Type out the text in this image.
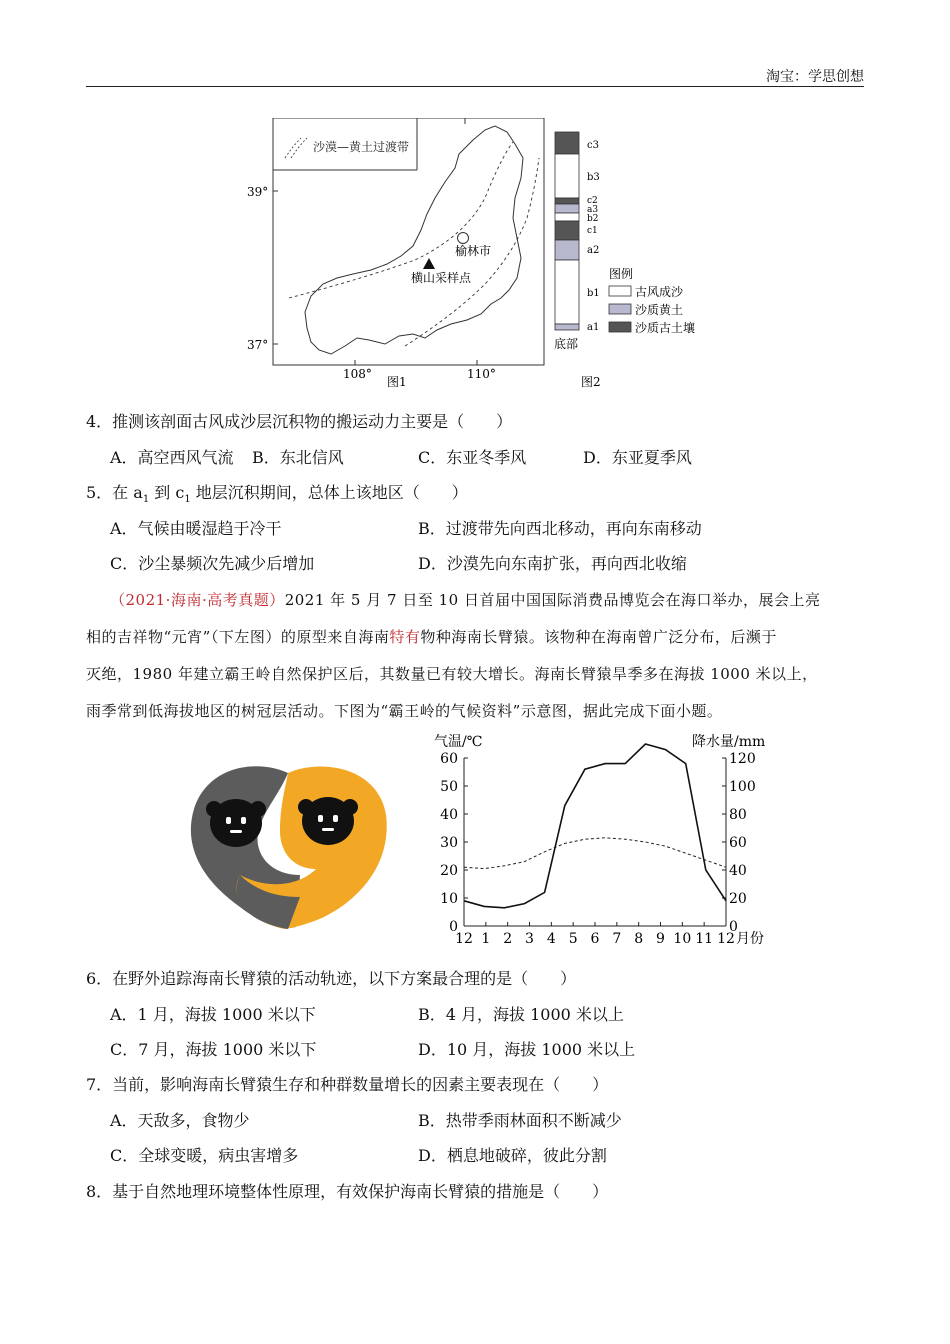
淘宝：学思创想
沙漠—黄土过渡带
39°
37°
108°	110°
榆林市
横山采样点
图1
c3
b3
c2
a3
b2
c1
a2
b1
a1
底部
图例
古风成沙
沙质黄土
沙质古土壤
图2
4．推测该剖面古风成沙层沉积物的搬运动力主要是（　　）
A．高空西风气流 B．东北信风	C．东亚冬季风	D．东亚夏季风
5．在 $a_1$ 到 $c_1$ 地层沉积期间，总体上该地区（　　）
A．气候由暖湿趋于冷干	B．过渡带先向西北移动，再向东南移动
C．沙尘暴频次先减少后增加	D．沙漠先向东南扩张，再向西北收缩
（2021·海南·高考真题）2021 年 5 月 7 日至 10 日首届中国国际消费品博览会在海口举办，展会上亮
相的吉祥物“元宵”（下左图）的原型来自海南特有物种海南长臂猿。该物种在海南曾广泛分布，后濒于
灭绝，1980 年建立霸王岭自然保护区后，其数量已有较大增长。海南长臂猿旱季多在海拔 1000 米以上，
雨季常到低海拔地区的树冠层活动。下图为“霸王岭的气候资料”示意图，据此完成下面小题。
气温/℃	降水量/mm
0
10
20
30
40
50
60
0
20
40
60
80
100
120
12 1 2 3 4 5 6 7 8 9 10 11 12 月份
6．在野外追踪海南长臂猿的活动轨迹，以下方案最合理的是（　　）
A．1 月，海拔 1000 米以下	B．4 月，海拔 1000 米以上
C．7 月，海拔 1000 米以下	D．10 月，海拔 1000 米以上
7．当前，影响海南长臂猿生存和种群数量增长的因素主要表现在（　　）
A．天敌多，食物少	B．热带季雨林面积不断减少
C．全球变暖，病虫害增多	D．栖息地破碎，彼此分割
8．基于自然地理环境整体性原理，有效保护海南长臂猿的措施是（　　）
